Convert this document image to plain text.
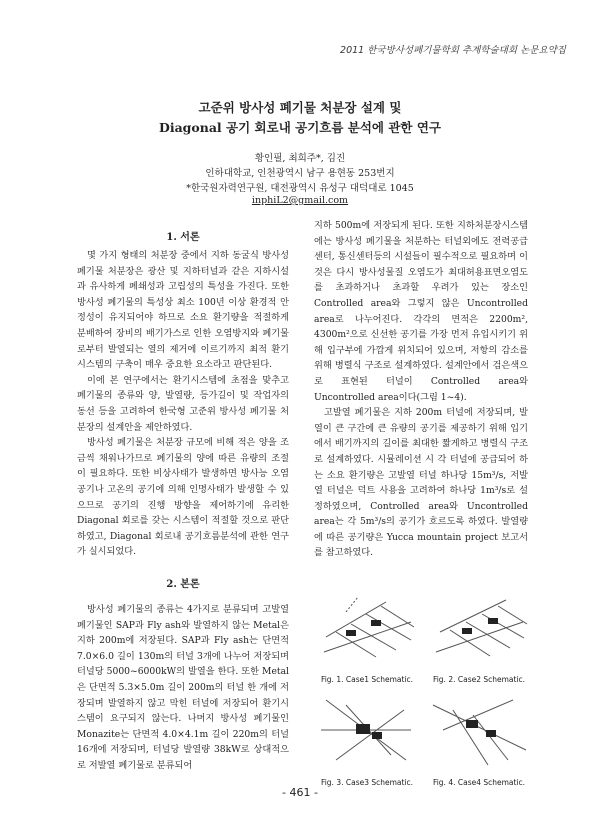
2011 한국방사성폐기물학회 추계학술대회 논문요약집
고준위 방사성 폐기물 처분장 설계 및
Diagonal 공기 회로내 공기흐름 분석에 관한 연구
황인필, 최희주*, 김진
인하대학교, 인천광역시 남구 용현동 253번지
*한국원자력연구원, 대전광역시 유성구 대덕대로 1045
inphiL2@gmail.com
1. 서론

몇 가지 형태의 처분장 중에서 지하 동굴식 방사성 폐기물 처분장은 광산 및 지하터널과 같은 지하시설과 유사하게 폐쇄성과 고립성의 특성을 가진다. 또한 방사성 폐기물의 특성상 최소 100년 이상 환경적 안정성이 유지되어야 하므로 소요 환기량을 적절하게 분배하여 장비의 배기가스로 인한 오염방지와 폐기물로부터 발열되는 열의 제거에 이르기까지 최적 환기시스템의 구축이 매우 중요한 요소라고 판단된다.

이에 본 연구에서는 환기시스템에 초점을 맞추고 폐기물의 종류와 양, 발열량, 등가길이 및 작업자의 동선 등을 고려하여 한국형 고준위 방사성 폐기물 처분장의 설계안을 제안하였다.

방사성 폐기물은 처분장 규모에 비해 적은 양을 조금씩 채워나가므로 폐기물의 양에 따른 유량의 조절이 필요하다. 또한 비상사태가 발생하면 방사능 오염 공기나 고온의 공기에 의해 인명사태가 발생할 수 있으므로 공기의 진행 방향을 제어하기에 유리한 Diagonal 회로를 갖는 시스템이 적절할 것으로 판단하였고, Diagonal 회로내 공기흐름분석에 관한 연구가 실시되었다.

2. 본론

방사성 폐기물의 종류는 4가지로 분류되며 고발열 폐기물인 SAP과 Fly ash와 발열하지 않는 Metal은 지하 200m에 저장된다. SAP과 Fly ash는 단면적 7.0×6.0 길이 130m의 터널 3개에 나누어 저장되며 터널당 5000~6000kW의 발열을 한다. 또한 Metal은 단면적 5.3×5.0m 길이 200m의 터널 한 개에 저장되며 발열하지 않고 막힌 터널에 저장되어 환기시스템이 요구되지 않는다. 나머지 방사성 폐기물인 Monazite는 단면적 4.0×4.1m 길이 220m의 터널 16개에 저장되며, 터널당 발열량 38kW로 상대적으로 저발열 폐기물로 분류되어

지하 500m에 저장되게 된다. 또한 지하처분장시스템에는 방사성 폐기물을 처분하는 터널외에도 전력공급센터, 통신센터등의 시설들이 필수적으로 필요하며 이것은 다시 방사성물질 오염도가 최대허용표면오염도를 초과하거나 초과할 우려가 있는 장소인 Controlled area와 그렇지 않은 Uncontrolled area로 나누어진다. 각각의 면적은 2200m², 4300m²으로 신선한 공기를 가장 먼저 유입시키기 위해 입구부에 가깝게 위치되어 있으며, 저항의 감소를 위해 병렬식 구조로 설계하였다. 설계안에서 검은색으로 표현된 터널이 Controlled area와 Uncontrolled area이다(그림 1~4).

고발열 폐기물은 지하 200m 터널에 저장되며, 발열이 큰 구간에 큰 유량의 공기를 제공하기 위해 입기에서 배기까지의 길이를 최대한 짧게하고 병렬식 구조로 설계하였다. 시뮬레이션 시 각 터널에 공급되어 하는 소요 환기량은 고발열 터널 하나당 15m³/s, 저발열 터널은 덕트 사용을 고려하여 하나당 1m³/s로 설정하였으며, Controlled area와 Uncontrolled area는 각 5m³/s의 공기가 흐르도록 하였다. 발열량에 따른 공기량은 Yucca mountain project 보고서를 참고하였다.

Fig. 1. Case1 Schematic.	Fig. 2. Case2 Schematic.
Fig. 3. Case3 Schematic.	Fig. 4. Case4 Schematic.
- 461 -
